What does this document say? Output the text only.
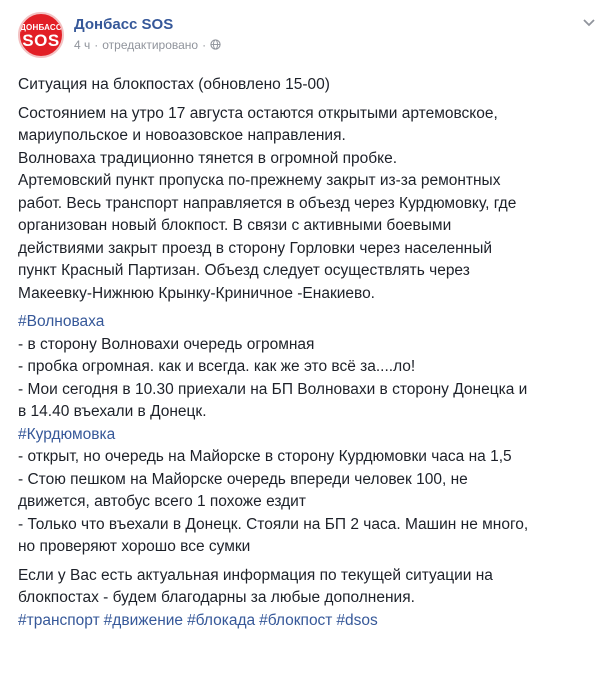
ДОНБАСС
SOS
Донбасс SOS
4 ч · отредактировано ·
Ситуация на блокпостах (обновлено 15-00)
Состоянием на утро 17 августа остаются открытыми артемовское,
мариупольское и новоазовское направления.
Волноваха традиционно тянется в огромной пробке.
Артемовский пункт пропуска по-прежнему закрыт из-за ремонтных
работ. Весь транспорт направляется в объезд через Курдюмовку, где
организован новый блокпост. В связи с активными боевыми
действиями закрыт проезд в сторону Горловки через населенный
пункт Красный Партизан. Объезд следует осуществлять через
Макеевку-Нижнюю Крынку-Криничное -Енакиево.
#Волноваха
- в сторону Волновахи очередь огромная
- пробка огромная. как и всегда. как же это всё за....ло!
- Мои сегодня в 10.30 приехали на БП Волновахи в сторону Донецка и
в 14.40 въехали в Донецк.
#Курдюмовка
- открыт, но очередь на Майорске в сторону Курдюмовки часа на 1,5
- Стою пешком на Майорске очередь впереди человек 100, не
движется, автобус всего 1 похоже ездит
- Только что въехали в Донецк. Стояли на БП 2 часа. Машин не много,
но проверяют хорошо все сумки
Если у Вас есть актуальная информация по текущей ситуации на
блокпостах - будем благодарны за любые дополнения.
#транспорт #движение #блокада #блокпост #dsos
